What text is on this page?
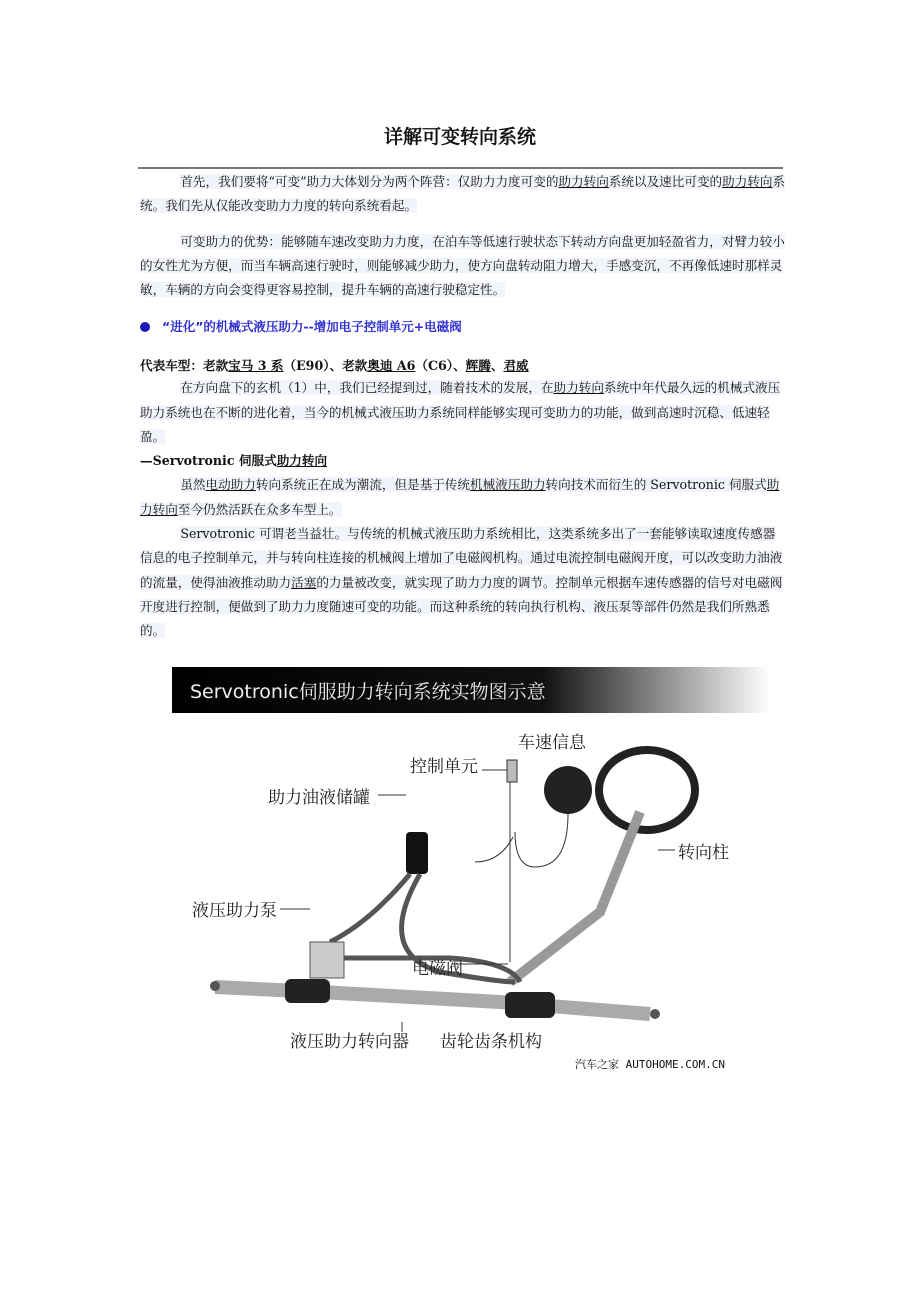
详解可变转向系统

首先，我们要将“可变”助力大体划分为两个阵营：仅助力力度可变的助力转向系统以及速比可变的助力转向系统。我们先从仅能改变助力力度的转向系统看起。

可变助力的优势：能够随车速改变助力力度，在泊车等低速行驶状态下转动方向盘更加轻盈省力，对臂力较小的女性尤为方便，而当车辆高速行驶时，则能够减少助力，使方向盘转动阻力增大，手感变沉，不再像低速时那样灵敏，车辆的方向会变得更容易控制，提升车辆的高速行驶稳定性。

“进化”的机械式液压助力--增加电子控制单元+电磁阀
代表车型：老款宝马 3 系（E90）、老款奥迪 A6（C6）、辉腾、君威

在方向盘下的玄机（1）中，我们已经提到过，随着技术的发展，在助力转向系统中年代最久远的机械式液压助力系统也在不断的进化着，当今的机械式液压助力系统同样能够实现可变助力的功能，做到高速时沉稳、低速轻盈。

—Servotronic 伺服式助力转向

虽然电动助力转向系统正在成为潮流，但是基于传统机械液压助力转向技术而衍生的 Servotronic 伺服式助力转向至今仍然活跃在众多车型上。

Servotronic 可谓老当益壮。与传统的机械式液压助力系统相比，这类系统多出了一套能够读取速度传感器信息的电子控制单元，并与转向柱连接的机械阀上增加了电磁阀机构。通过电流控制电磁阀开度，可以改变助力油液的流量，使得油液推动助力活塞的力量被改变，就实现了助力力度的调节。控制单元根据车速传感器的信号对电磁阀开度进行控制，便做到了助力力度随速可变的功能。而这种系统的转向执行机构、液压泵等部件仍然是我们所熟悉的。

Servotronic伺服助力转向系统实物图示意
控制单元
车速信息
助力油液储罐
转向柱
液压助力泵
电磁阀
液压助力转向器 齿轮齿条机构
汽车之家 AUTOHOME.COM.CN
